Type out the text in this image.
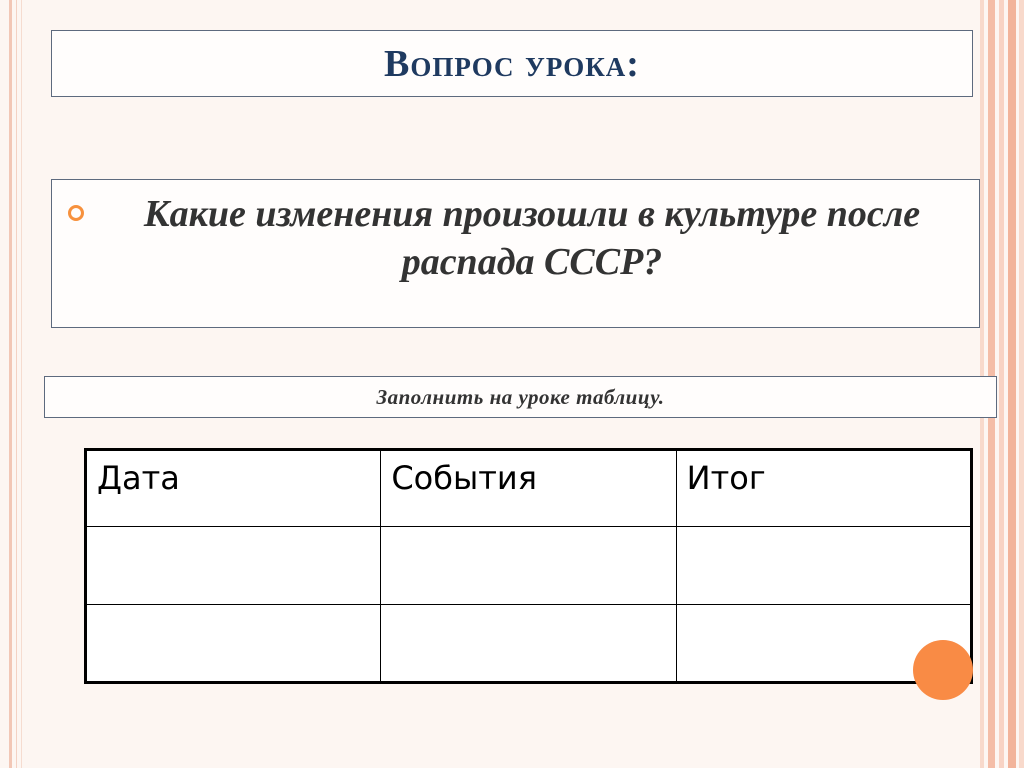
Вопрос урока:
Какие изменения произошли в культуре после распада СССР?
Заполнить на уроке таблицу.
Дата	События	Итог
